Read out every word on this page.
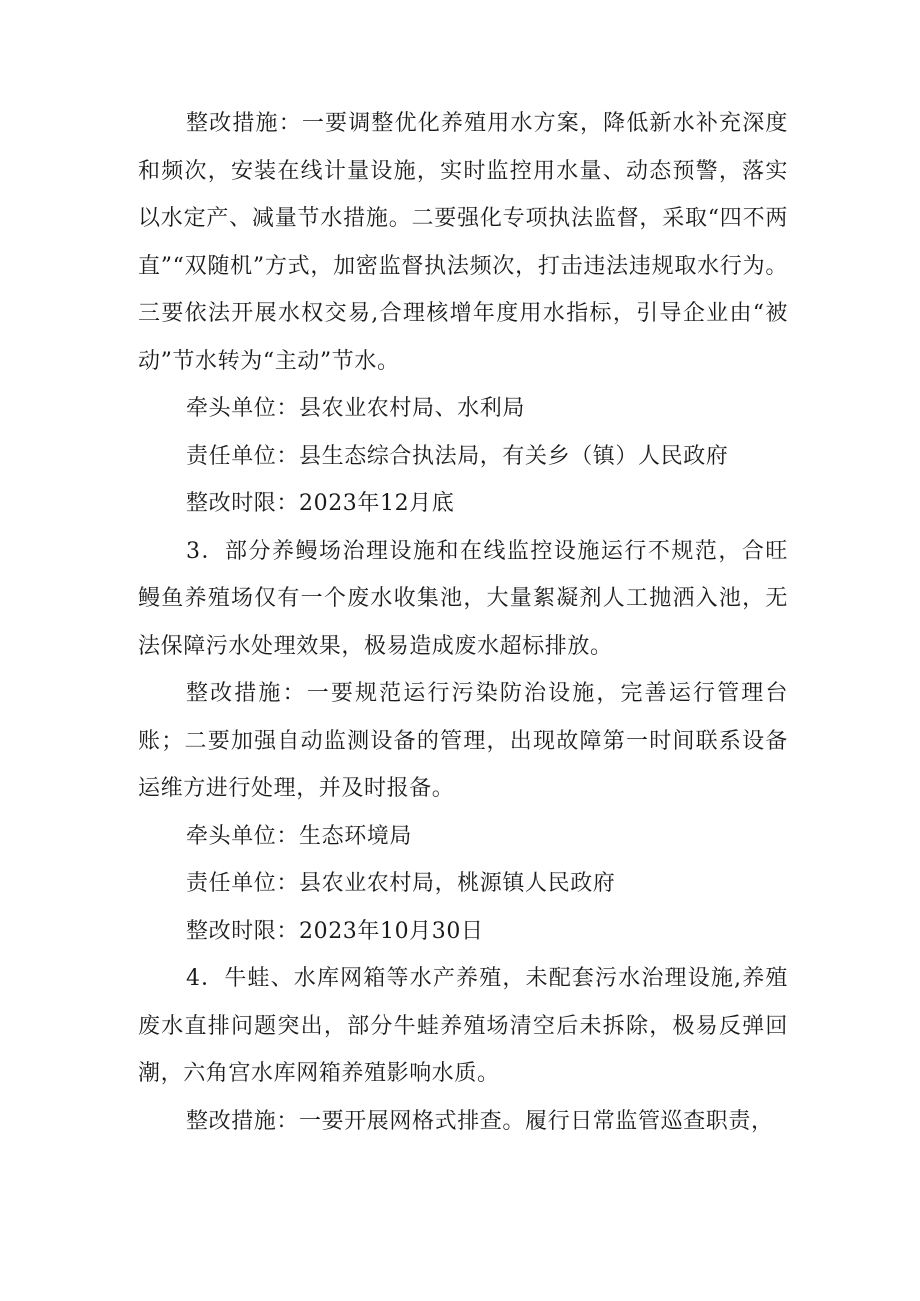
整改措施：一要调整优化养殖用水方案，降低新水补充深度和频次，安装在线计量设施，实时监控用水量、动态预警，落实以水定产、减量节水措施。二要强化专项执法监督，采取“四不两直”“双随机”方式，加密监督执法频次，打击违法违规取水行为。三要依法开展水权交易,合理核增年度用水指标，引导企业由“被动”节水转为“主动”节水。

牵头单位：县农业农村局、水利局

责任单位：县生态综合执法局，有关乡（镇）人民政府

整改时限：2023年12月底

3．部分养鳗场治理设施和在线监控设施运行不规范，合旺鳗鱼养殖场仅有一个废水收集池，大量絮凝剂人工抛洒入池，无法保障污水处理效果，极易造成废水超标排放。

整改措施：一要规范运行污染防治设施，完善运行管理台账；二要加强自动监测设备的管理，出现故障第一时间联系设备运维方进行处理，并及时报备。

牵头单位：生态环境局

责任单位：县农业农村局，桃源镇人民政府

整改时限：2023年10月30日

4．牛蛙、水库网箱等水产养殖，未配套污水治理设施,养殖废水直排问题突出，部分牛蛙养殖场清空后未拆除，极易反弹回潮，六角宫水库网箱养殖影响水质。

整改措施：一要开展网格式排查。履行日常监管巡查职责，
